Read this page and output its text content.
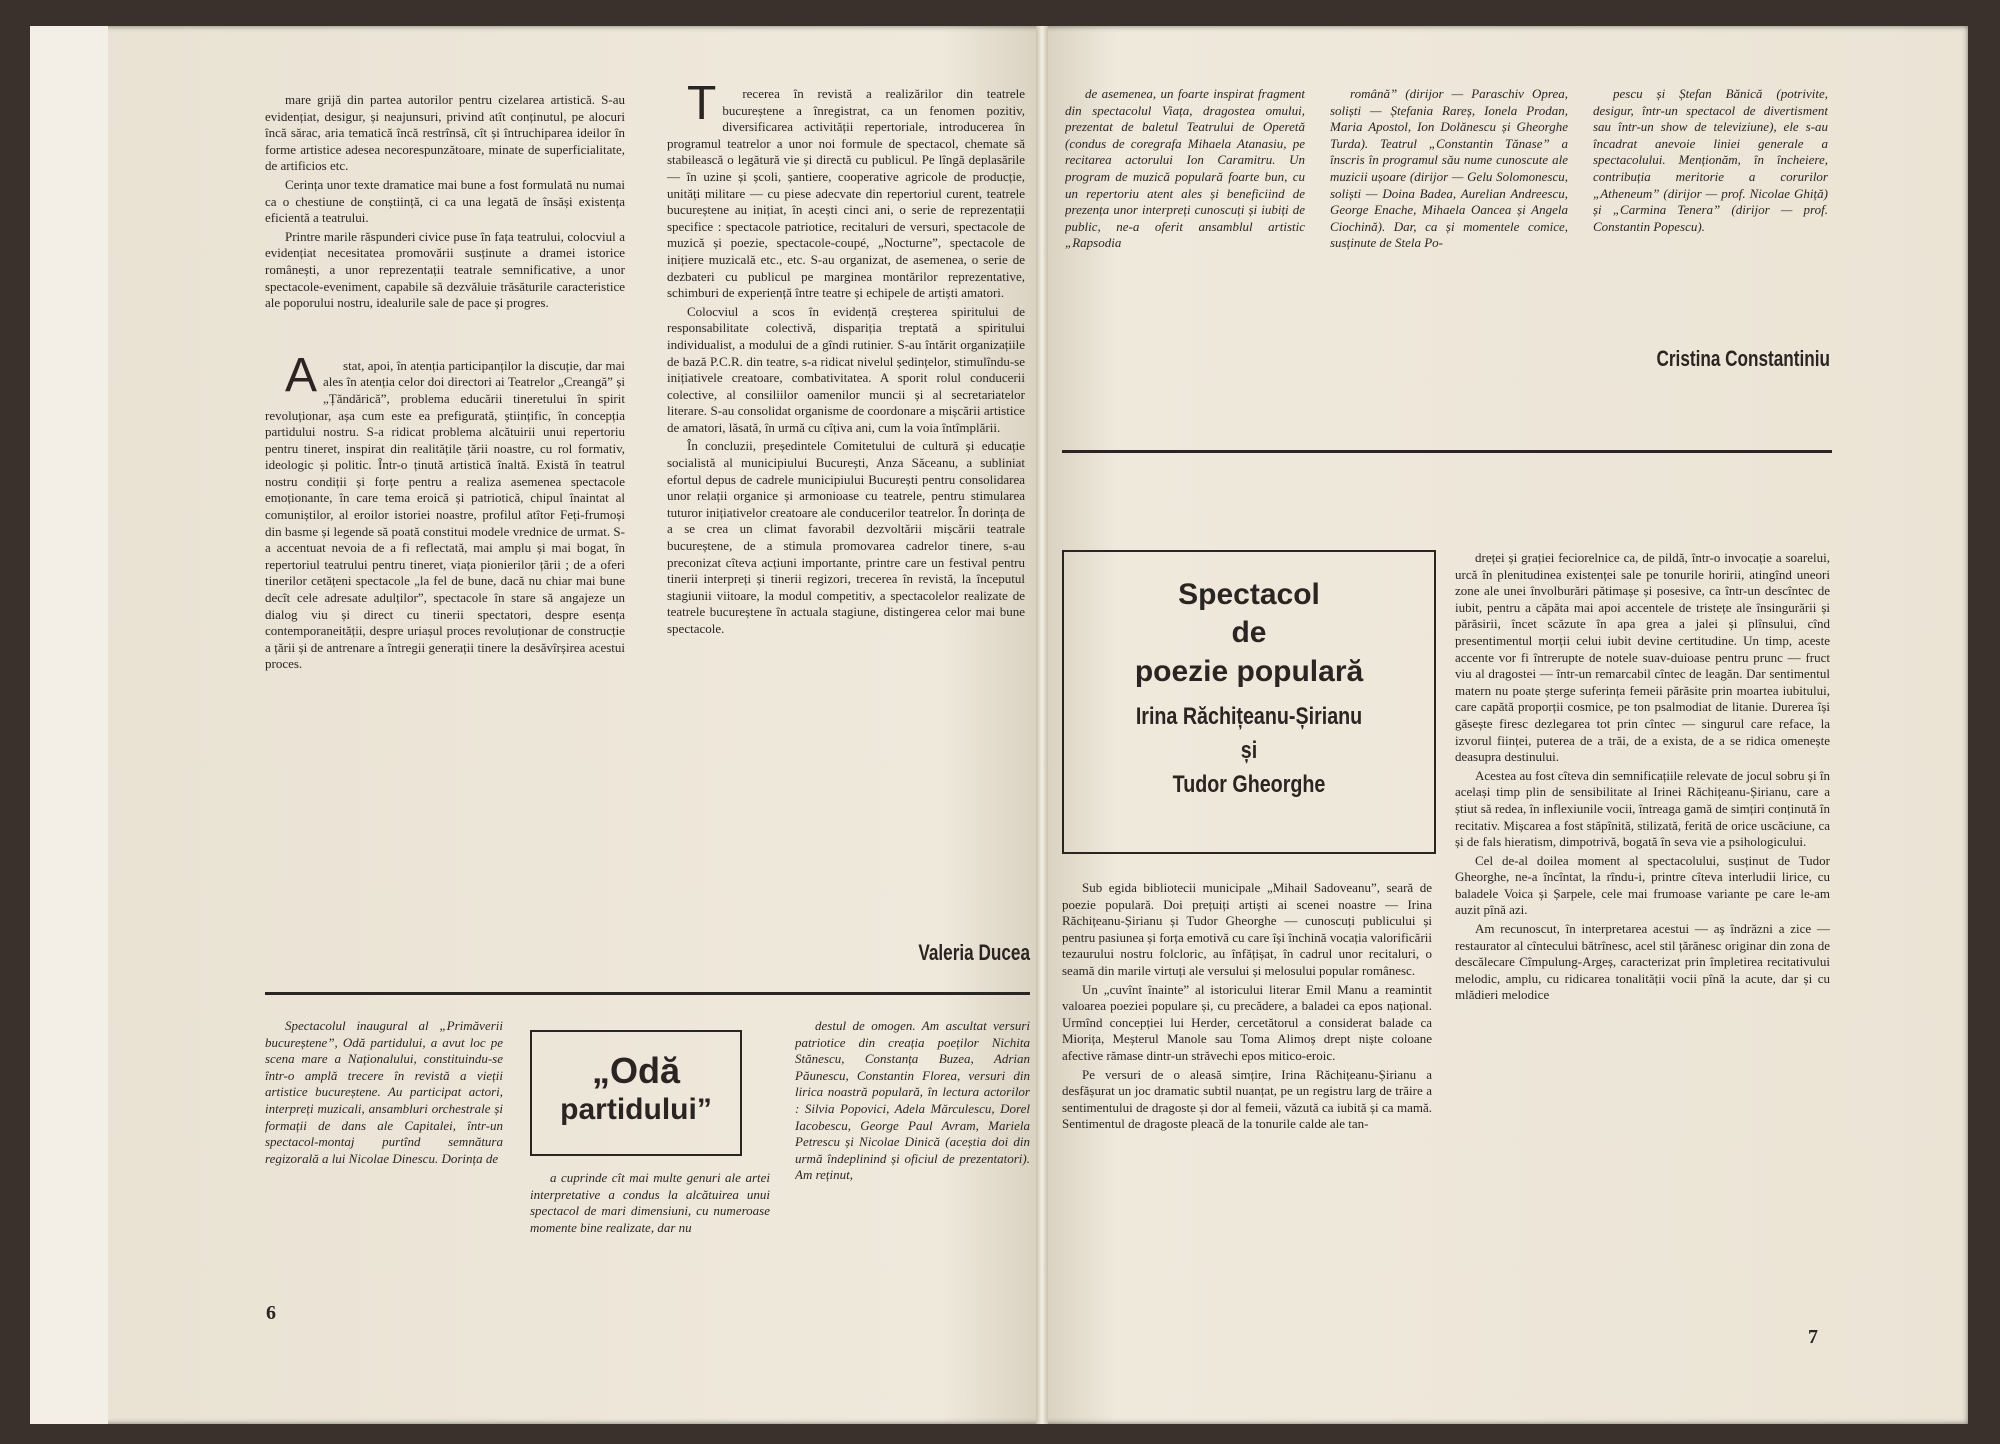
mare grijă din partea autorilor pentru cizelarea artistică. S-au evidențiat, desigur, și neajunsuri, privind atît conținutul, pe alocuri încă sărac, aria tematică încă restrînsă, cît și întruchiparea ideilor în forme artistice adesea necorespunzătoare, minate de superficialitate, de artificios etc.

Cerința unor texte dramatice mai bune a fost formulată nu numai ca o chestiune de conștiință, ci ca una legată de însăși existența eficientă a teatrului.

Printre marile răspunderi civice puse în fața teatrului, colocviul a evidențiat necesitatea promovării susținute a dramei istorice românești, a unor reprezentații teatrale semnificative, a unor spectacole-eveniment, capabile să dezvăluie trăsăturile caracteristice ale poporului nostru, idealurile sale de pace și progres.

Astat, apoi, în atenția participanților la discuție, dar mai ales în atenția celor doi directori ai Teatrelor „Creangă” și „Țăndărică”, problema educării tineretului în spirit revoluționar, așa cum este ea prefigurată, științific, în concepția partidului nostru. S-a ridicat problema alcătuirii unui repertoriu pentru tineret, inspirat din realitățile țării noastre, cu rol formativ, ideologic și politic. Într-o ținută artistică înaltă. Există în teatrul nostru condiții și forțe pentru a realiza asemenea spectacole emoționante, în care tema eroică și patriotică, chipul înaintat al comuniștilor, al eroilor istoriei noastre, profilul atîtor Feți-frumoși din basme și legende să poată constitui modele vrednice de urmat. S-a accentuat nevoia de a fi reflectată, mai amplu și mai bogat, în repertoriul teatrului pentru tineret, viața pionierilor țării ; de a oferi tinerilor cetățeni spectacole „la fel de bune, dacă nu chiar mai bune decît cele adresate adulților”, spectacole în stare să angajeze un dialog viu și direct cu tinerii spectatori, despre esența contemporaneității, despre uriașul proces revoluționar de construcție a țării și de antrenare a întregii generații tinere la desăvîrșirea acestui proces.

Trecerea în revistă a realizărilor din teatrele bucureștene a înregistrat, ca un fenomen pozitiv, diversificarea activității repertoriale, introducerea în programul teatrelor a unor noi formule de spectacol, chemate să stabilească o legătură vie și directă cu publicul. Pe lîngă deplasările — în uzine și școli, șantiere, cooperative agricole de producție, unități militare — cu piese adecvate din repertoriul curent, teatrele bucureștene au inițiat, în acești cinci ani, o serie de reprezentații specifice : spectacole patriotice, recitaluri de versuri, spectacole de muzică și poezie, spectacole-coupé, „Nocturne”, spectacole de inițiere muzicală etc., etc. S-au organizat, de asemenea, o serie de dezbateri cu publicul pe marginea montărilor reprezentative, schimburi de experiență între teatre și echipele de artiști amatori.

Colocviul a scos în evidență creșterea spiritului de responsabilitate colectivă, dispariția treptată a spiritului individualist, a modului de a gîndi rutinier. S-au întărit organizațiile de bază P.C.R. din teatre, s-a ridicat nivelul ședințelor, stimulîndu-se inițiativele creatoare, combativitatea. A sporit rolul conducerii colective, al consiliilor oamenilor muncii și al secretariatelor literare. S-au consolidat organisme de coordonare a mișcării artistice de amatori, lăsată, în urmă cu cîțiva ani, cum la voia întîmplării.

În concluzii, președintele Comitetului de cultură și educație socialistă al municipiului București, Anza Săceanu, a subliniat efortul depus de cadrele municipiului București pentru consolidarea unor relații organice și armonioase cu teatrele, pentru stimularea tuturor inițiativelor creatoare ale conducerilor teatrelor. În dorința de a se crea un climat favorabil dezvoltării mișcării teatrale bucureștene, de a stimula promovarea cadrelor tinere, s-au preconizat cîteva acțiuni importante, printre care un festival pentru tinerii interpreți și tinerii regizori, trecerea în revistă, la începutul stagiunii viitoare, la modul competitiv, a spectacolelor realizate de teatrele bucureștene în actuala stagiune, distingerea celor mai bune spectacole.

Valeria Ducea

Spectacolul inaugural al „Primăverii bucureștene”, Odă partidului, a avut loc pe scena mare a Naționalului, constituindu-se într-o amplă trecere în revistă a vieții artistice bucureștene. Au participat actori, interpreți muzicali, ansambluri orchestrale și formații de dans ale Capitalei, într-un spectacol-montaj purtînd semnătura regizorală a lui Nicolae Dinescu. Dorința de

„Odă
partidului”

a cuprinde cît mai multe genuri ale artei interpretative a condus la alcătuirea unui spectacol de mari dimensiuni, cu numeroase momente bine realizate, dar nu

destul de omogen. Am ascultat versuri patriotice din creația poeților Nichita Stănescu, Constanța Buzea, Adrian Păunescu, Constantin Florea, versuri din lirica noastră populară, în lectura actorilor : Silvia Popovici, Adela Mărculescu, Dorel Iacobescu, George Paul Avram, Mariela Petrescu și Nicolae Dinică (aceștia doi din urmă îndeplinind și oficiul de prezentatori). Am reținut,

6

de asemenea, un foarte inspirat fragment din spectacolul Viața, dragostea omului, prezentat de baletul Teatrului de Operetă (condus de coregrafa Mihaela Atanasiu, pe recitarea actorului Ion Caramitru. Un program de muzică populară foarte bun, cu un repertoriu atent ales și beneficiind de prezența unor interpreți cunoscuți și iubiți de public, ne-a oferit ansamblul artistic „Rapsodia

română” (dirijor — Paraschiv Oprea, soliști — Ștefania Rareș, Ionela Prodan, Maria Apostol, Ion Dolănescu și Gheorghe Turda). Teatrul „Constantin Tănase” a înscris în programul său nume cunoscute ale muzicii ușoare (dirijor — Gelu Solomonescu, soliști — Doina Badea, Aurelian Andreescu, George Enache, Mihaela Oancea și Angela Ciochină). Dar, ca și momentele comice, susținute de Stela Po-

pescu și Ștefan Bănică (potrivite, desigur, într-un spectacol de divertisment sau într-un show de televiziune), ele s-au încadrat anevoie liniei generale a spectacolului. Menționăm, în încheiere, contribuția meritorie a corurilor „Atheneum” (dirijor — prof. Nicolae Ghiță) și „Carmina Tenera” (dirijor — prof. Constantin Popescu).

Cristina Constantiniu
Spectacol
de
poezie populară
Irina Răchițeanu-Șirianu
și
Tudor Gheorghe

Sub egida bibliotecii municipale „Mihail Sadoveanu”, seară de poezie populară. Doi prețuiți artiști ai scenei noastre — Irina Răchițeanu-Șirianu și Tudor Gheorghe — cunoscuți publicului și pentru pasiunea și forța emotivă cu care își închină vocația valorificării tezaurului nostru folcloric, au înfățișat, în cadrul unor recitaluri, o seamă din marile virtuți ale versului și melosului popular românesc.

Un „cuvînt înainte” al istoricului literar Emil Manu a reamintit valoarea poeziei populare și, cu precădere, a baladei ca epos național. Urmînd concepției lui Herder, cercetătorul a considerat balade ca Miorița, Meșterul Manole sau Toma Alimoș drept niște coloane afective rămase dintr-un străvechi epos mitico-eroic.

Pe versuri de o aleasă simțire, Irina Răchițeanu-Șirianu a desfășurat un joc dramatic subtil nuanțat, pe un registru larg de trăire a sentimentului de dragoste și dor al femeii, văzută ca iubită și ca mamă. Sentimentul de dragoste pleacă de la tonurile calde ale tan-

dreței și grației feciorelnice ca, de pildă, într-o invocație a soarelui, urcă în plenitudinea existenței sale pe tonurile horirii, atingînd uneori zone ale unei învolburări pătimașe și posesive, ca într-un descîntec de iubit, pentru a căpăta mai apoi accentele de tristețe ale însingurării și părăsirii, încet scăzute în apa grea a jalei și plînsului, cînd presentimentul morții celui iubit devine certitudine. Un timp, aceste accente vor fi întrerupte de notele suav-duioase pentru prunc — fruct viu al dragostei — într-un remarcabil cîntec de leagăn. Dar sentimentul matern nu poate șterge suferința femeii părăsite prin moartea iubitului, care capătă proporții cosmice, pe ton psalmodiat de litanie. Durerea își găsește firesc dezlegarea tot prin cîntec — singurul care reface, la izvorul ființei, puterea de a trăi, de a exista, de a se ridica omenește deasupra destinului.

Acestea au fost cîteva din semnificațiile relevate de jocul sobru și în același timp plin de sensibilitate al Irinei Răchițeanu-Șirianu, care a știut să redea, în inflexiunile vocii, întreaga gamă de simțiri conținută în recitativ. Mișcarea a fost stăpînită, stilizată, ferită de orice uscăciune, ca și de fals hieratism, dimpotrivă, bogată în seva vie a psihologicului.

Cel de-al doilea moment al spectacolului, susținut de Tudor Gheorghe, ne-a încîntat, la rîndu-i, printre cîteva interludii lirice, cu baladele Voica și Șarpele, cele mai frumoase variante pe care le-am auzit pînă azi.

Am recunoscut, în interpretarea acestui — aș îndrăzni a zice — restaurator al cîntecului bătrînesc, acel stil țărănesc originar din zona de descălecare Cîmpulung-Argeș, caracterizat prin împletirea recitativului melodic, amplu, cu ridicarea tonalității vocii pînă la acute, dar și cu mlădieri melodice

7
